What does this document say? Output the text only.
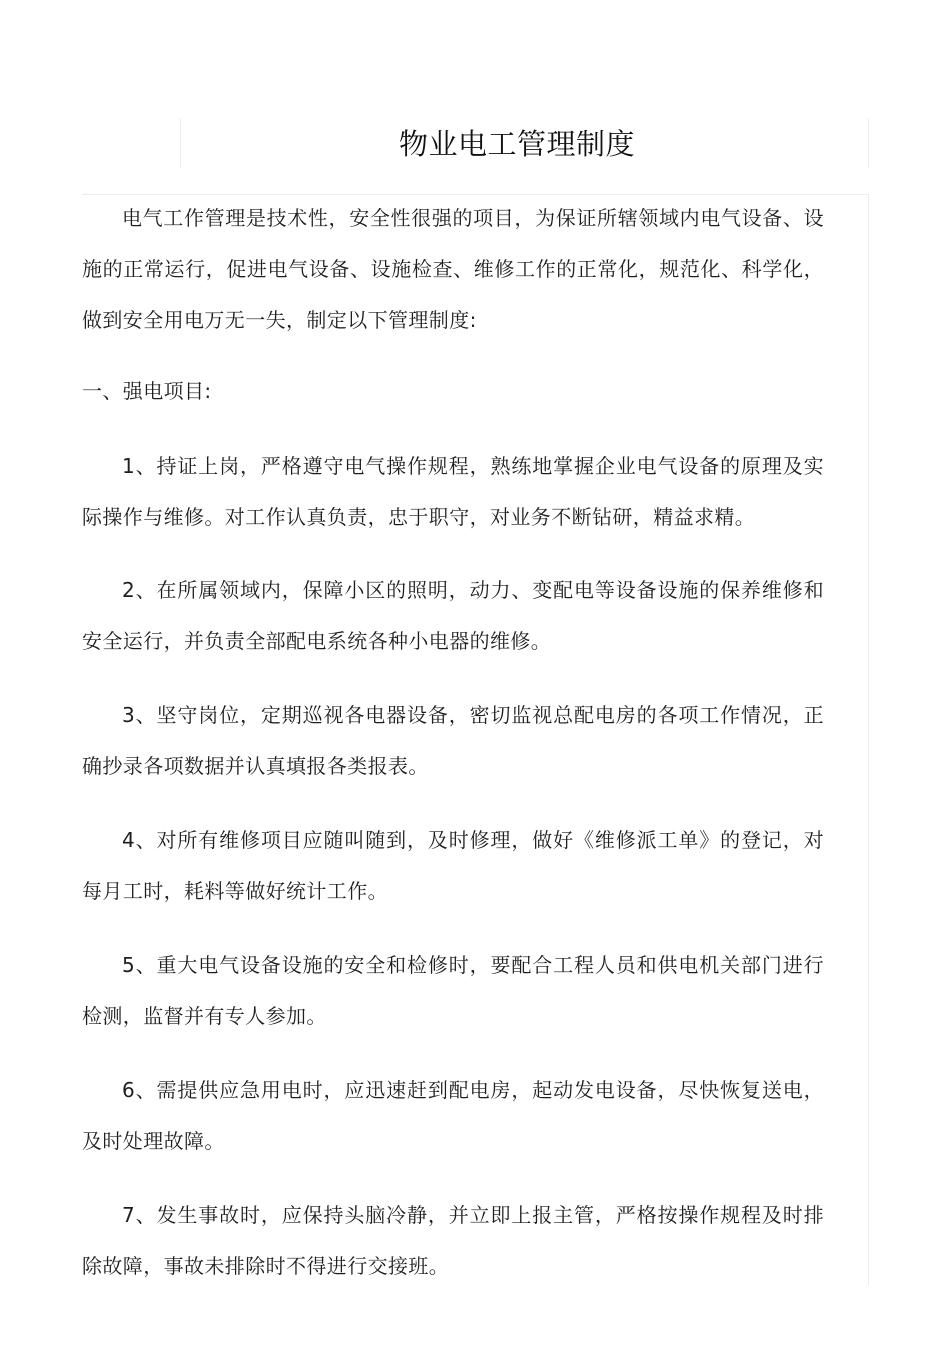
物业电工管理制度

电气工作管理是技术性，安全性很强的项目，为保证所辖领域内电气设备、设施的正常运行，促进电气设备、设施检查、维修工作的正常化，规范化、科学化，做到安全用电万无一失，制定以下管理制度:

一、强电项目:

1、持证上岗，严格遵守电气操作规程，熟练地掌握企业电气设备的原理及实际操作与维修。对工作认真负责，忠于职守，对业务不断钻研，精益求精。

2、在所属领域内，保障小区的照明，动力、变配电等设备设施的保养维修和安全运行，并负责全部配电系统各种小电器的维修。

3、坚守岗位，定期巡视各电器设备，密切监视总配电房的各项工作情况，正确抄录各项数据并认真填报各类报表。

4、对所有维修项目应随叫随到，及时修理，做好《维修派工单》的登记，对每月工时，耗料等做好统计工作。

5、重大电气设备设施的安全和检修时，要配合工程人员和供电机关部门进行检测，监督并有专人参加。

6、需提供应急用电时，应迅速赶到配电房，起动发电设备，尽快恢复送电，及时处理故障。

7、发生事故时，应保持头脑冷静，并立即上报主管，严格按操作规程及时排除故障，事故未排除时不得进行交接班。
